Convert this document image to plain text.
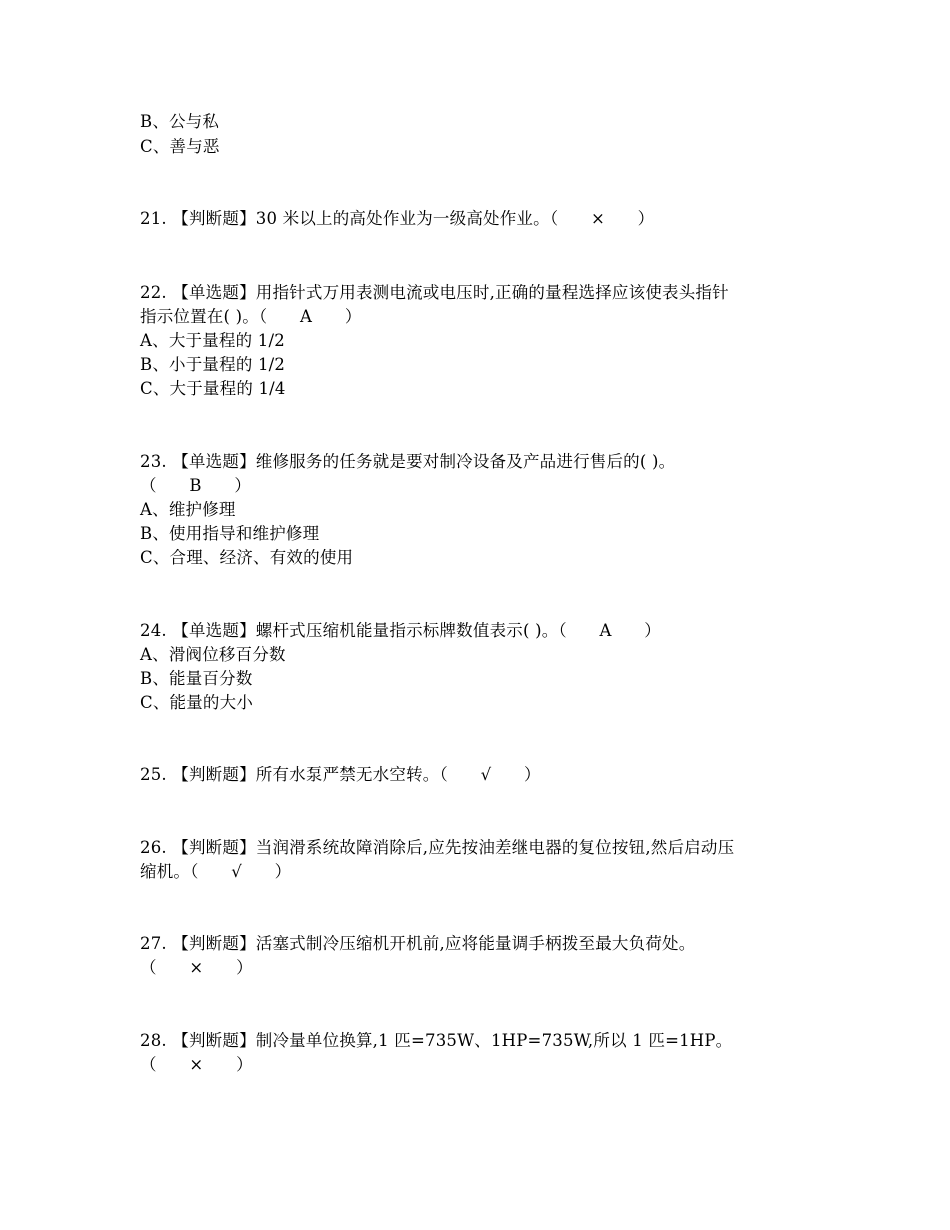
B、公与私
C、善与恶
21. 【判断题】30 米以上的高处作业为一级高处作业。（      ×      ）
22. 【单选题】用指针式万用表测电流或电压时,正确的量程选择应该使表头指针
指示位置在( )。（      A      ）
A、大于量程的 1/2
B、小于量程的 1/2
C、大于量程的 1/4
23. 【单选题】维修服务的任务就是要对制冷设备及产品进行售后的( )。
（      B      ）
A、维护修理
B、使用指导和维护修理
C、合理、经济、有效的使用
24. 【单选题】螺杆式压缩机能量指示标牌数值表示( )。（      A      ）
A、滑阀位移百分数
B、能量百分数
C、能量的大小
25. 【判断题】所有水泵严禁无水空转。（      √      ）
26. 【判断题】当润滑系统故障消除后,应先按油差继电器的复位按钮,然后启动压
缩机。（      √      ）
27. 【判断题】活塞式制冷压缩机开机前,应将能量调手柄拨至最大负荷处。
（      ×      ）
28. 【判断题】制冷量单位换算,1 匹=735W、1HP=735W,所以 1 匹=1HP。
（      ×      ）
